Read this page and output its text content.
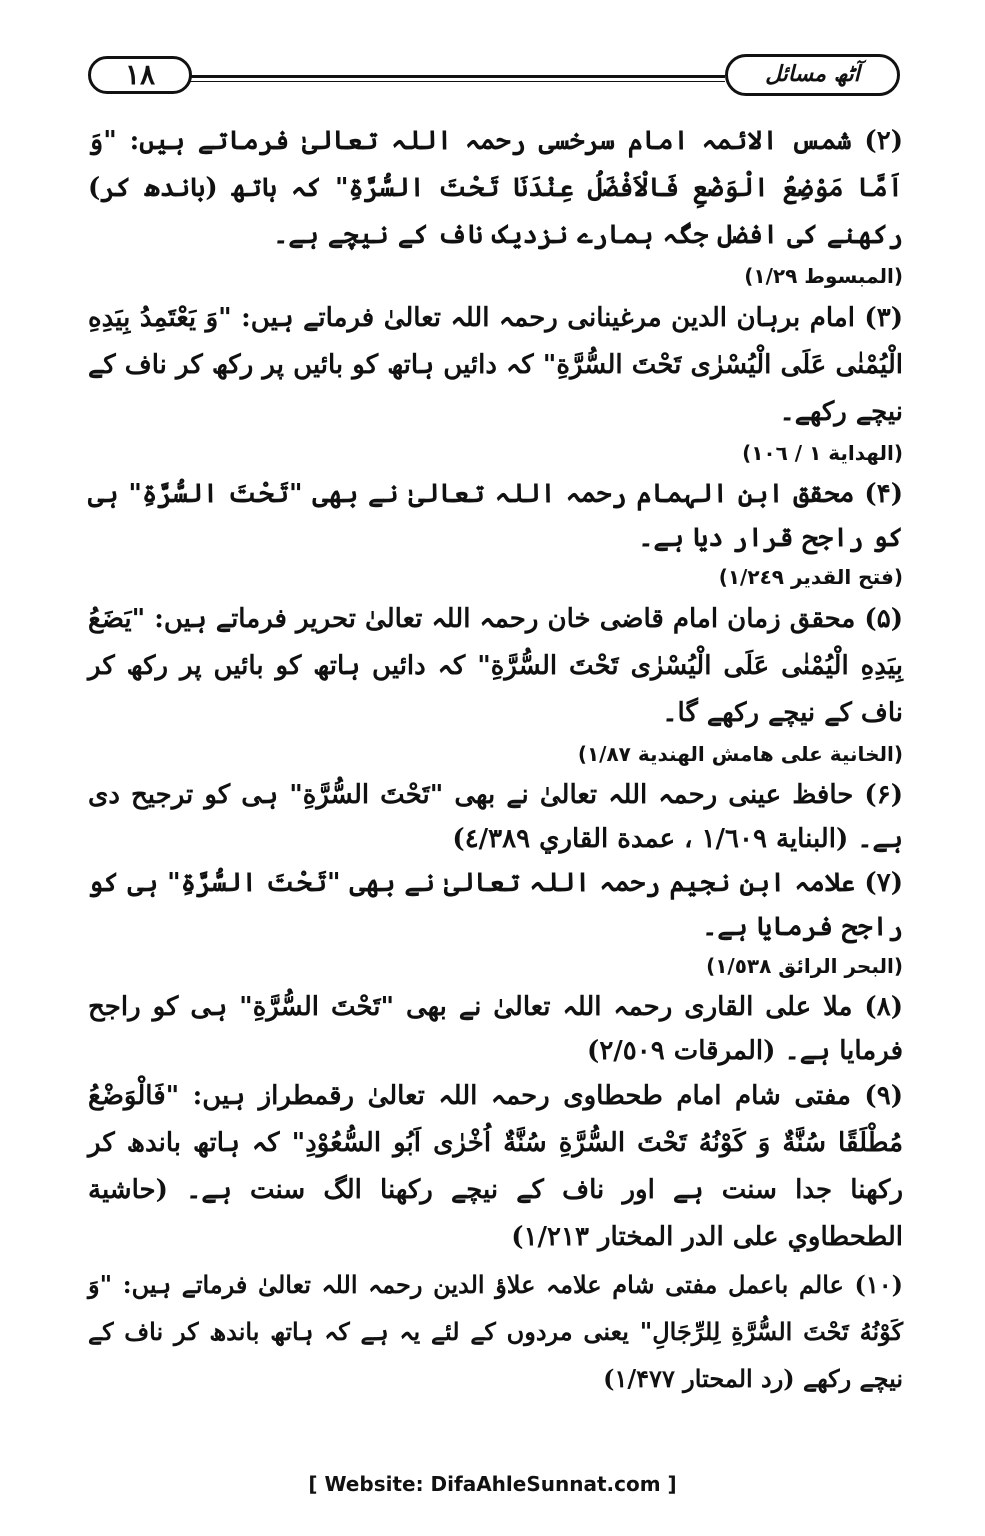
۱۸	آٹھ مسائل

(۲) شمس الائمہ امام سرخسی رحمہ اللہ تعالیٰ فرماتے ہیں: "وَ اَمَّا مَوْضِعُ الْوَضْعِ فَالْاَفْضَلُ عِنْدَنَا تَحْتَ السُّرَّةِ" کہ ہاتھ (باندھ کر) رکھنے کی افضل جگہ ہمارے نزدیک ناف کے نیچے ہے۔
(المبسوط ۱/۲۹)

(۳) امام برہان الدین مرغینانی رحمہ اللہ تعالیٰ فرماتے ہیں: "وَ يَعْتَمِدُ بِيَدِهِ الْيُمْنٰى عَلَى الْيُسْرٰى تَحْتَ السُّرَّةِ" کہ دائیں ہاتھ کو بائیں پر رکھ کر ناف کے نیچے رکھے۔
(الهداية ١ / ١٠٦)

(۴) محقق ابن الہمام رحمہ اللہ تعالیٰ نے بھی "تَحْتَ السُّرَّةِ" ہی کو راجح قرار دیا ہے۔
(فتح القدير ١/٢٤٩)

(۵) محقق زمان امام قاضی خان رحمہ اللہ تعالیٰ تحریر فرماتے ہیں: "يَضَعُ بِيَدِهِ الْيُمْنٰى عَلَى الْيُسْرٰى تَحْتَ السُّرَّةِ" کہ دائیں ہاتھ کو بائیں پر رکھ کر ناف کے نیچے رکھے گا۔
(الخانية على هامش الهندية ١/٨٧)

(۶) حافظ عینی رحمہ اللہ تعالیٰ نے بھی "تَحْتَ السُّرَّةِ" ہی کو ترجیح دی ہے۔ (البناية ١/٦٠٩ ، عمدة القاري ٤/٣٨٩)

(۷) علامہ ابن نجیم رحمہ اللہ تعالیٰ نے بھی "تَحْتَ السُّرَّةِ" ہی کو راجح فرمایا ہے۔
(البحر الرائق ١/٥٣٨)

(۸) ملا علی القاری رحمہ اللہ تعالیٰ نے بھی "تَحْتَ السُّرَّةِ" ہی کو راجح فرمایا ہے۔ (المرقات ٢/٥٠٩)

(۹) مفتی شام امام طحطاوی رحمہ اللہ تعالیٰ رقمطراز ہیں: "فَالْوَضْعُ مُطْلَقًا سُنَّةٌ وَ كَوْنُهُ تَحْتَ السُّرَّةِ سُنَّةٌ اُخْرٰى اَبُو السُّعُوْدِ" کہ ہاتھ باندھ کر رکھنا جدا سنت ہے اور ناف کے نیچے رکھنا الگ سنت ہے۔ (حاشية الطحطاوي على الدر المختار ١/٢١٣)

(۱۰) عالم باعمل مفتی شام علامہ علاؤ الدین رحمہ اللہ تعالیٰ فرماتے ہیں: "وَ كَوْنُهُ تَحْتَ السُّرَّةِ لِلرِّجَالِ" یعنی مردوں کے لئے یہ ہے کہ ہاتھ باندھ کر ناف کے نیچے رکھے (رد المحتار ۱/۴۷۷)

[ Website: DifaAhleSunnat.com ]
